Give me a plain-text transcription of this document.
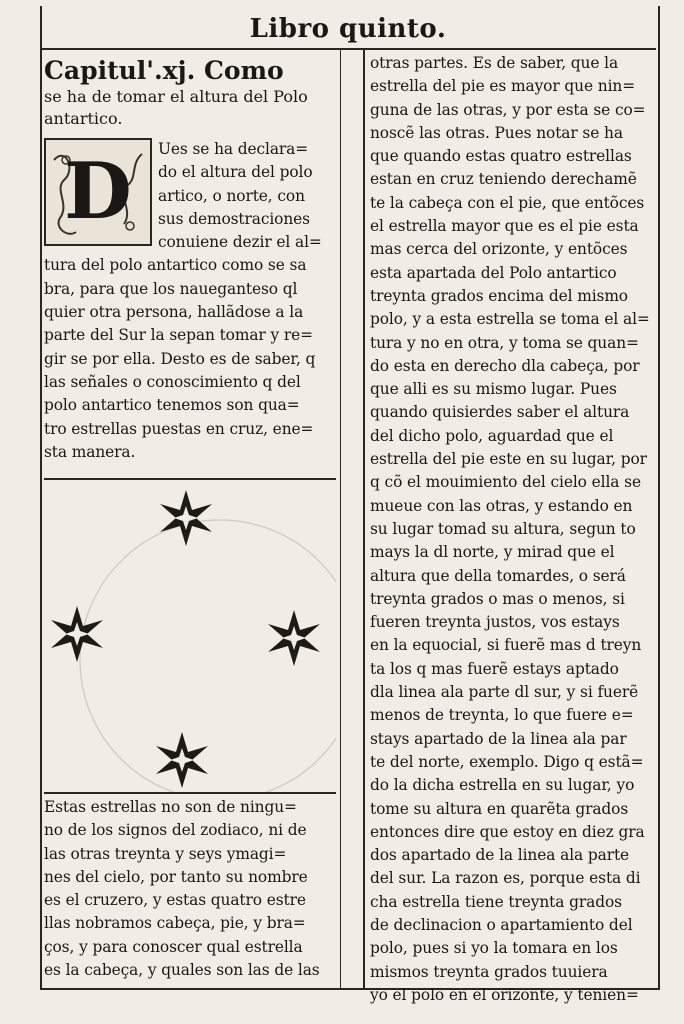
Libro quinto.
Capitul'.xj. Como
se ha de tomar el altura del Polo
antartico.
D	Ues se ha declara=
do el altura del polo
artico, o norte, con
sus demostraciones
conuiene dezir el al=
tura del polo antartico como se sa
bra, para que los naueganteso ql
quier otra persona, hallãdose a la
parte del Sur la sepan tomar y re=
gir se por ella. Desto es de saber, q
las señales o conoscimiento q del
polo antartico tenemos son qua=
tro estrellas puestas en cruz, ene=
sta manera.
Estas estrellas no son de ningu=
no de los signos del zodiaco, ni de
las otras treynta y seys ymagi=
nes del cielo, por tanto su nombre
es el cruzero, y estas quatro estre
llas nobramos cabeça, pie, y bra=
ços, y para conoscer qual estrella
es la cabeça, y quales son las de las
otras partes. Es de saber, que la
estrella del pie es mayor que nin=
guna de las otras, y por esta se co=
noscẽ las otras. Pues notar se ha
que quando estas quatro estrellas
estan en cruz teniendo derechamẽ
te la cabeça con el pie, que entõces
el estrella mayor que es el pie esta
mas cerca del orizonte, y entõces
esta apartada del Polo antartico
treynta grados encima del mismo
polo, y a esta estrella se toma el al=
tura y no en otra, y toma se quan=
do esta en derecho dla cabeça, por
que alli es su mismo lugar. Pues
quando quisierdes saber el altura
del dicho polo, aguardad que el
estrella del pie este en su lugar, por
q cõ el mouimiento del cielo ella se
mueue con las otras, y estando en
su lugar tomad su altura, segun to
mays la dl norte, y mirad que el
altura que della tomardes, o será
treynta grados o mas o menos, si
fueren treynta justos, vos estays
en la equocial, si fuerẽ mas d treyn
ta los q mas fuerẽ estays aptado
dla linea ala parte dl sur, y si fuerẽ
menos de treynta, lo que fuere e=
stays apartado de la linea ala par
te del norte, exemplo. Digo q estã=
do la dicha estrella en su lugar, yo
tome su altura en quarẽta grados
entonces dire que estoy en diez gra
dos apartado de la linea ala parte
del sur. La razon es, porque esta di
cha estrella tiene treynta grados
de declinacion o apartamiento del
polo, pues si yo la tomara en los
mismos treynta grados tuuiera
yo el polo en el orizonte, y tenien=
